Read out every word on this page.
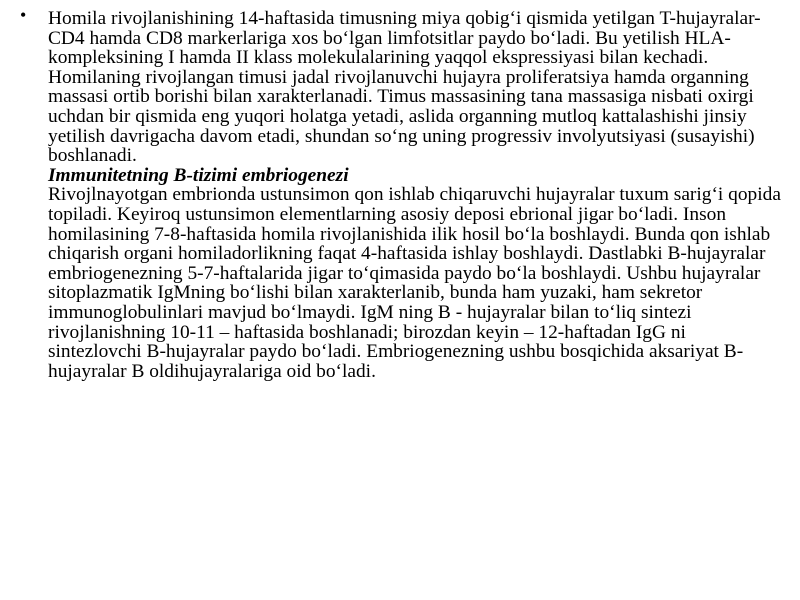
• Homila rivojlanishining 14-haftasida timusning miya qobig‘i qismida yetilgan T-hujayralar- CD4 hamda CD8 markerlariga xos bo‘lgan limfotsitlar paydo bo‘ladi. Bu yetilish HLA- kompleksining I hamda II klass molekulalarining yaqqol ekspressiyasi bilan kechadi. Homilaning rivojlangan timusi jadal rivojlanuvchi hujayra proliferatsiya hamda organning massasi ortib borishi bilan xarakterlanadi. Timus massasining tana massasiga nisbati oxirgi uchdan bir qismida eng yuqori holatga yetadi, aslida organning mutloq kattalashishi jinsiy yetilish davrigacha davom etadi, shundan so‘ng uning progressiv involyutsiyasi (susayishi) boshlanadi.

Immunitetning B-tizimi embriogenezi

Rivojlnayotgan embrionda ustunsimon qon ishlab chiqaruvchi hujayralar tuxum sarig‘i qopida topiladi. Keyiroq ustunsimon elementlarning asosiy deposi ebrional jigar bo‘ladi. Inson homilasining 7-8-haftasida homila rivojlanishida ilik hosil bo‘la boshlaydi. Bunda qon ishlab chiqarish organi homiladorlikning faqat 4-haftasida ishlay boshlaydi. Dastlabki B-hujayralar embriogenezning 5-7-haftalarida jigar to‘qimasida paydo bo‘la boshlaydi. Ushbu hujayralar sitoplazmatik IgMning bo‘lishi bilan xarakterlanib, bunda ham yuzaki, ham sekretor immunoglobulinlari mavjud bo‘lmaydi. IgM ning B - hujayralar bilan to‘liq sintezi rivojlanishning 10-11 – haftasida boshlanadi; birozdan keyin – 12-haftadan IgG ni sintezlovchi B-hujayralar paydo bo‘ladi. Embriogenezning ushbu bosqichida aksariyat B-hujayralar B oldihujayralariga oid bo‘ladi.
